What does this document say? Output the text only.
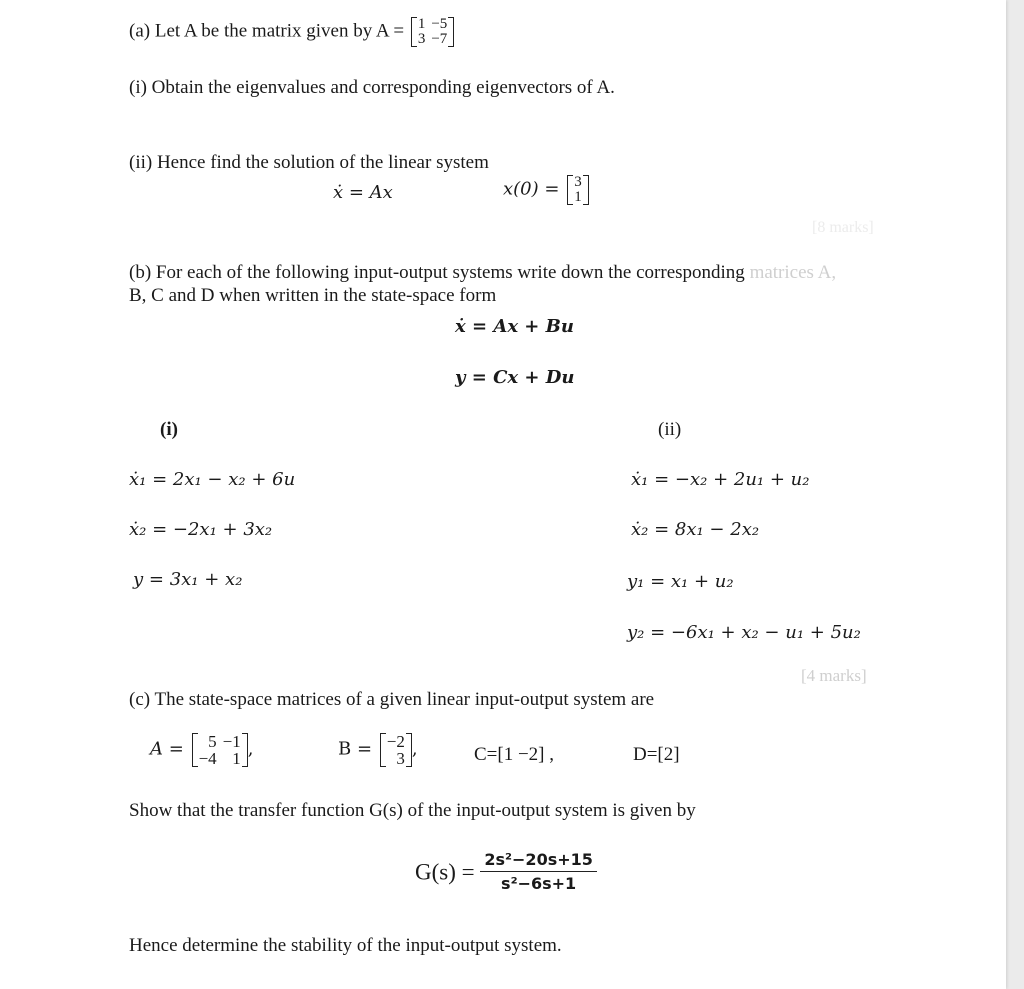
(a) Let A be the matrix given by A = 1	−5
3	−7
(i) Obtain the eigenvalues and corresponding eigenvectors of A.
(ii) Hence find the solution of the linear system
ẋ = Ax	x(0) = 3
1
[8 marks]
(b) For each of the following input-output systems write down the corresponding matrices A,
B, C and D when written in the state-space form
ẋ = Ax + Bu
y = Cx + Du
(i)	(ii)
ẋ₁ = 2x₁ − x₂ + 6u
ẋ₂ = −2x₁ + 3x₂
y = 3x₁ + x₂
ẋ₁ = −x₂ + 2u₁ + u₂
ẋ₂ = 8x₁ − 2x₂
y₁ = x₁ + u₂
y₂ = −6x₁ + x₂ − u₁ + 5u₂
[4 marks]
(c) The state-space matrices of a given linear input-output system are
A = 5	−1
−4	1 ,	B = −2
3 ,	C=[1 −2] ,	D=[2]
Show that the transfer function G(s) of the input-output system is given by
$G(s) = \frac{\text{2s²−20s+15}}{\text{s²−6s+1}}$
Hence determine the stability of the input-output system.
